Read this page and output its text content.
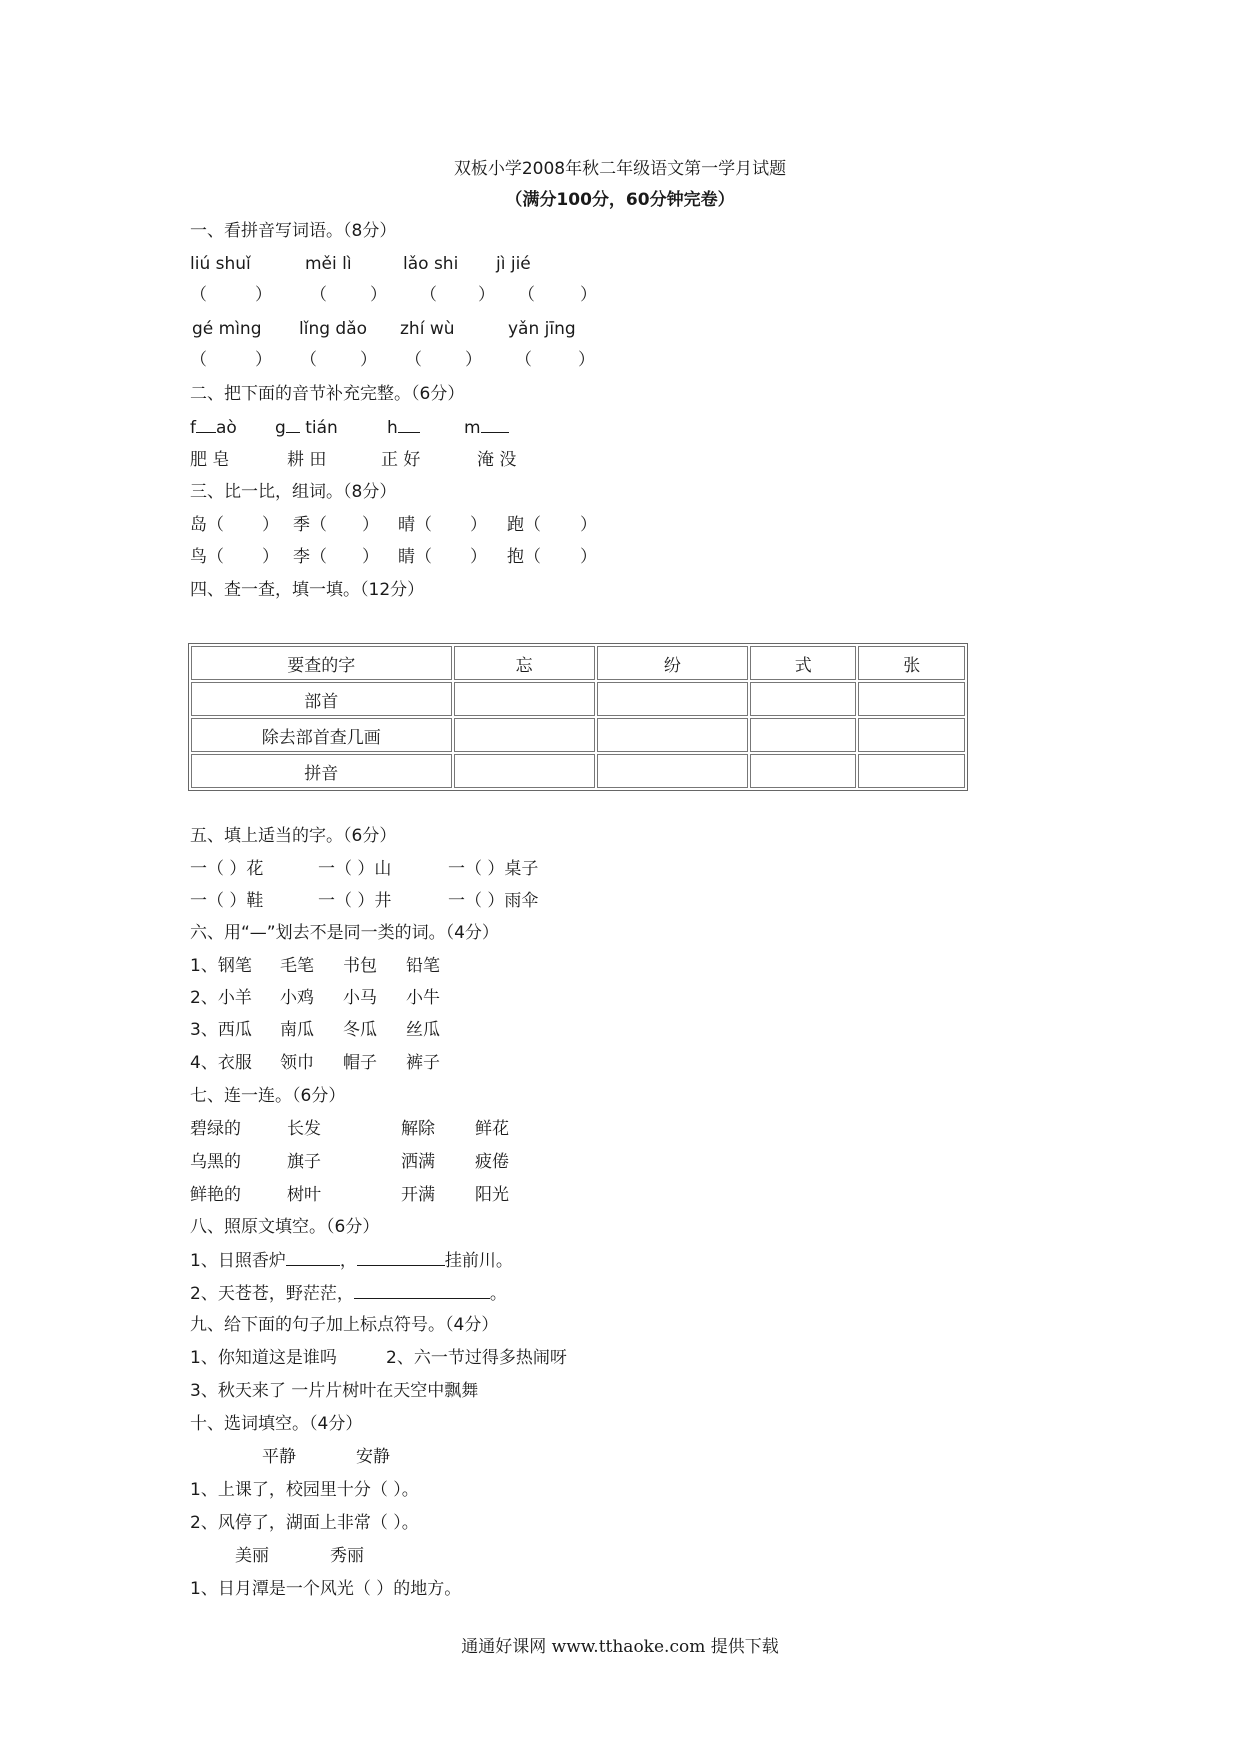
双板小学2008年秋二年级语文第一学月试题
（满分100分，60分钟完卷）
一、看拼音写词语。（8分）
liú shuǐ	měi lì	lǎo shi jì jié
（	） （	） （ ） （	）
gé mìng lǐng dǎo zhí wù	yǎn jīng
（	） （	） （	） （	）
二、把下面的音节补充完整。（6分）
f aò g tián	h	m
肥 皂	耕 田	正 好	淹 没
三、比一比，组词。（8分）
岛（ ） 季（ ） 晴（ ） 跑（ ）
鸟（ ） 李（ ） 睛（ ） 抱（ ）
四、查一查，填一填。（12分）
要查的字	忘	纷	式	张
部首				
除去部首查几画				
拼音				
五、填上适当的字。（6分）
一（ ）花	一（ ）山	一（ ）桌子
一（ ）鞋	一（ ）井	一（ ）雨伞
六、用“—”划去不是同一类的词。（4分）
1、钢笔 毛笔 书包 铅笔
2、小羊 小鸡 小马 小牛
3、西瓜 南瓜 冬瓜 丝瓜
4、衣服 领巾 帽子 裤子
七、连一连。（6分）
碧绿的	长发	解除 鲜花
乌黑的	旗子	洒满 疲倦
鲜艳的	树叶	开满 阳光
八、照原文填空。（6分）
1、日照香炉	，	挂前川。
2、天苍苍，野茫茫，	。
九、给下面的句子加上标点符号。（4分）
1、你知道这是谁吗	2、六一节过得多热闹呀
3、秋天来了 一片片树叶在天空中飘舞
十、选词填空。（4分）
平静	安静
1、上课了，校园里十分（ ）。
2、风停了，湖面上非常（ ）。
美丽	秀丽
1、日月潭是一个风光（ ）的地方。
通通好课网 www.tthaoke.com 提供下载
